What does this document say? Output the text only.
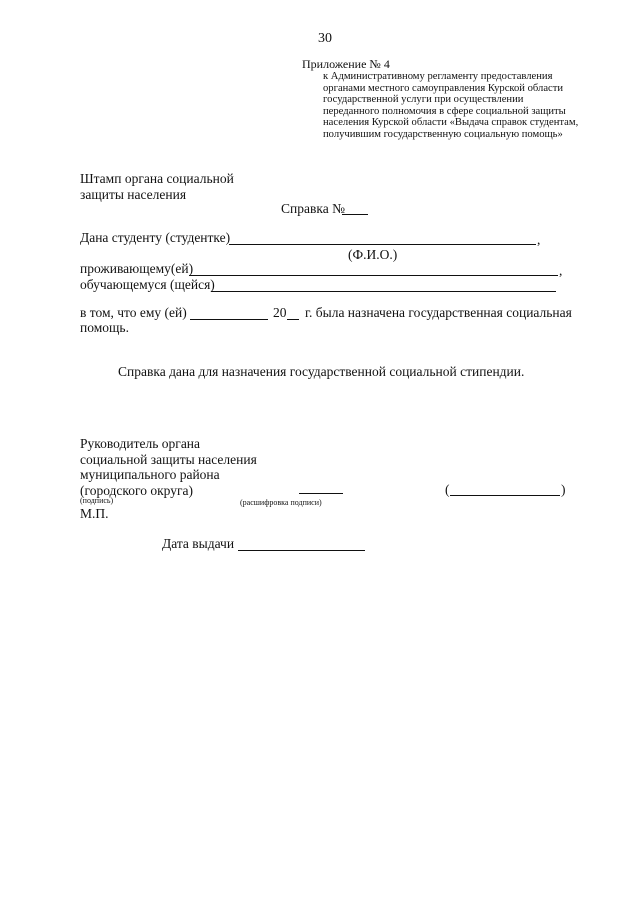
30
Приложение № 4
к Административному регламенту предоставления
органами местного самоуправления Курской области
государственной услуги при осуществлении
переданного полномочия в сфере социальной защиты
населения Курской области «Выдача справок студентам,
получившим государственную социальную помощь»
Штамп органа социальной
защиты населения
Справка №
Дана студенту (студентке)	,
(Ф.И.О.)
проживающему(ей)	,
обучающемуся (щейся)
в том, что ему (ей)	20 г. была назначена государственная социальная
помощь.
Справка дана для назначения государственной социальной стипендии.
Руководитель органа
социальной защиты населения
муниципального района
(городского округа)	(	)
(подпись)	(расшифровка подписи)
М.П.
Дата выдачи
